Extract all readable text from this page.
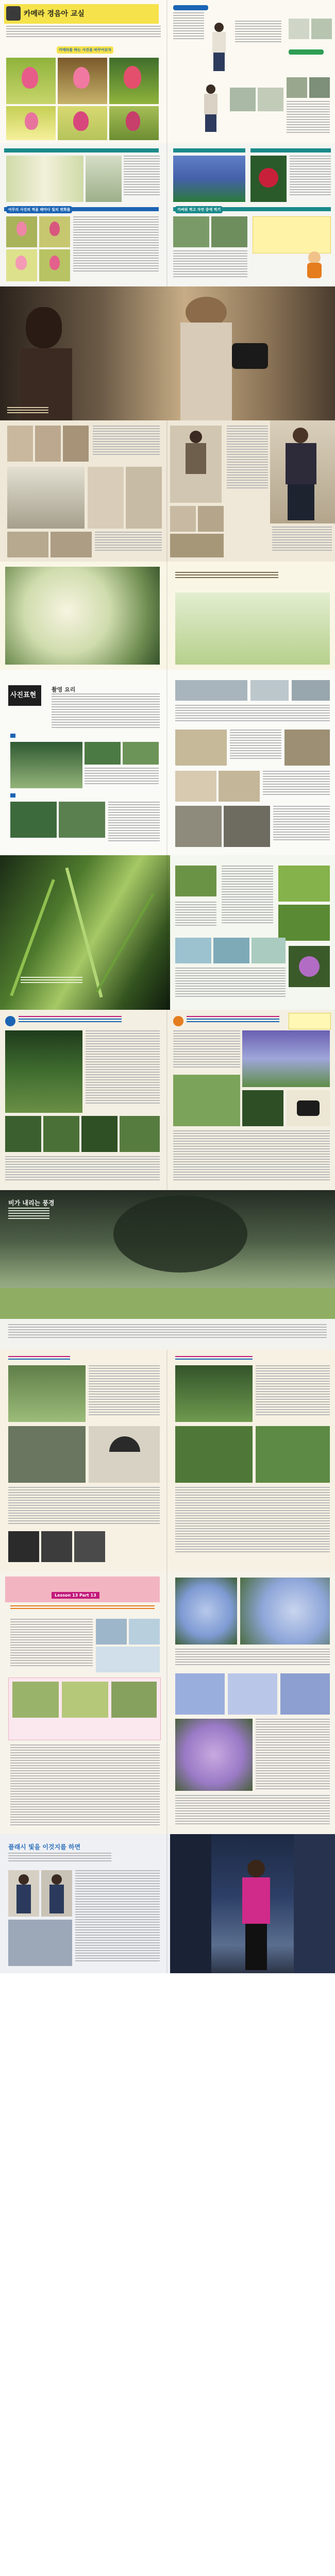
카메라 경음아 교실
카메라를 하는 사진을 바꾸어보자
아무리 사진의 찍을 때마다 빛의 변화를	가벼워 찍고 자연 중에 찍기
사진표현
촬영 요리
비가 내리는 풍경
Lesson 13 Part 13
플래시 빛을 이것지를 하면
